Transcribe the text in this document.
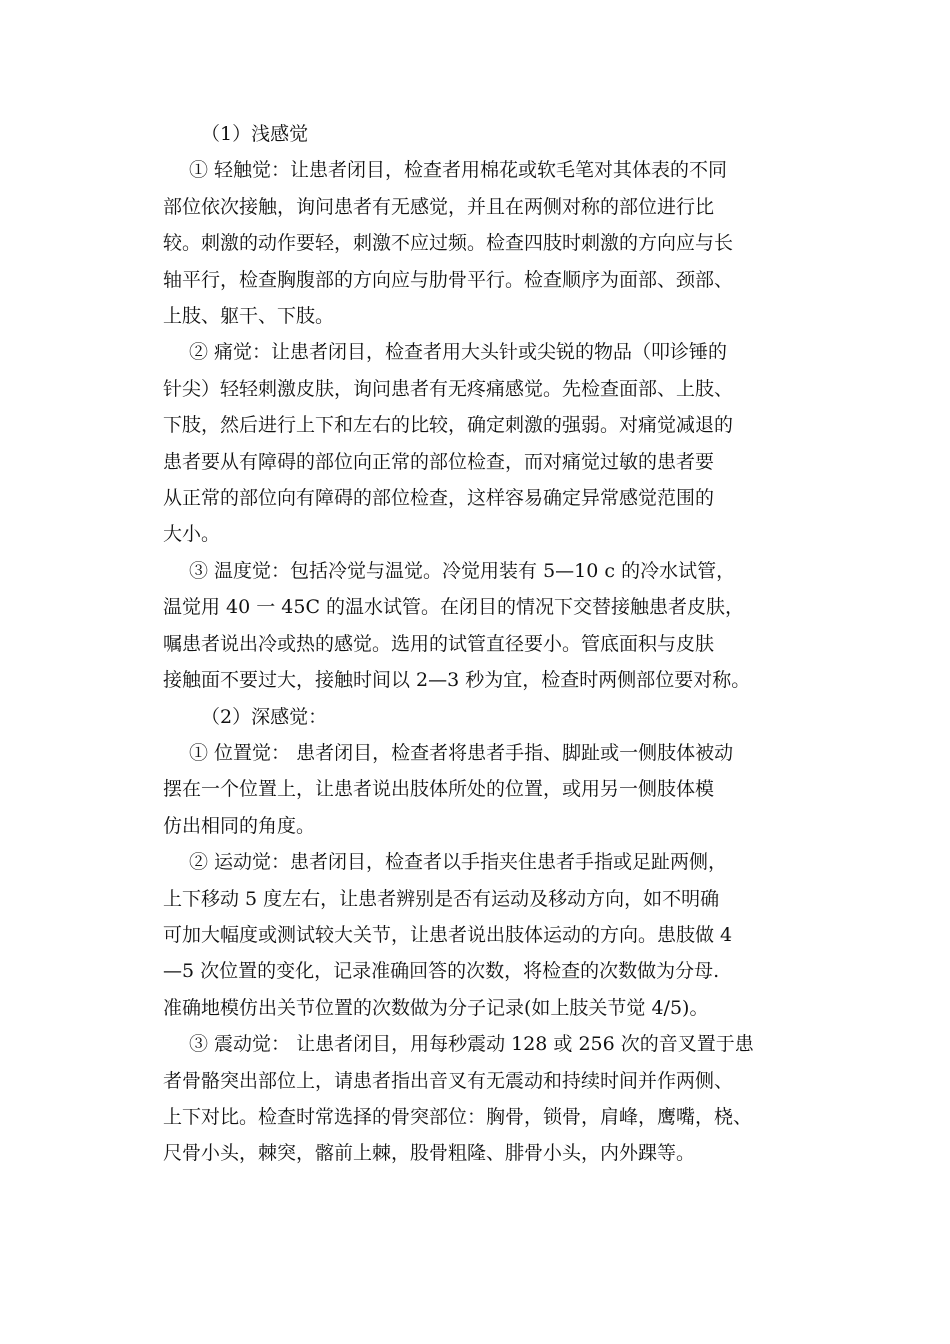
（1）浅感觉
① 轻触觉：让患者闭目，检查者用棉花或软毛笔对其体表的不同
部位依次接触，询问患者有无感觉，并且在两侧对称的部位进行比
较。刺激的动作要轻，刺激不应过频。检查四肢时刺激的方向应与长
轴平行，检查胸腹部的方向应与肋骨平行。检查顺序为面部、颈部、
上肢、躯干、下肢。
② 痛觉：让患者闭目，检查者用大头针或尖锐的物品（叩诊锤的
针尖）轻轻刺激皮肤，询问患者有无疼痛感觉。先检查面部、上肢、
下肢，然后进行上下和左右的比较，确定刺激的强弱。对痛觉减退的
患者要从有障碍的部位向正常的部位检查，而对痛觉过敏的患者要
从正常的部位向有障碍的部位检查，这样容易确定异常感觉范围的
大小。
③ 温度觉：包括冷觉与温觉。冷觉用装有 5—10 c 的冷水试管，
温觉用 40 一 45C 的温水试管。在闭目的情况下交替接触患者皮肤，
嘱患者说出冷或热的感觉。选用的试管直径要小。管底面积与皮肤
接触面不要过大，接触时间以 2—3 秒为宜，检查时两侧部位要对称。
（2）深感觉：
① 位置觉： 患者闭目，检查者将患者手指、脚趾或一侧肢体被动
摆在一个位置上，让患者说出肢体所处的位置，或用另一侧肢体模
仿出相同的角度。
② 运动觉：患者闭目，检查者以手指夹住患者手指或足趾两侧，
上下移动 5 度左右，让患者辨别是否有运动及移动方向，如不明确
可加大幅度或测试较大关节，让患者说出肢体运动的方向。患肢做 4
—5 次位置的变化，记录准确回答的次数，将检查的次数做为分母.
准确地模仿出关节位置的次数做为分子记录(如上肢关节觉 4/5)。
③ 震动觉： 让患者闭目，用每秒震动 128 或 256 次的音叉置于患
者骨骼突出部位上，请患者指出音叉有无震动和持续时间并作两侧、
上下对比。检查时常选择的骨突部位：胸骨，锁骨，肩峰，鹰嘴，桡、
尺骨小头，棘突，髂前上棘，股骨粗隆、腓骨小头，内外踝等。
